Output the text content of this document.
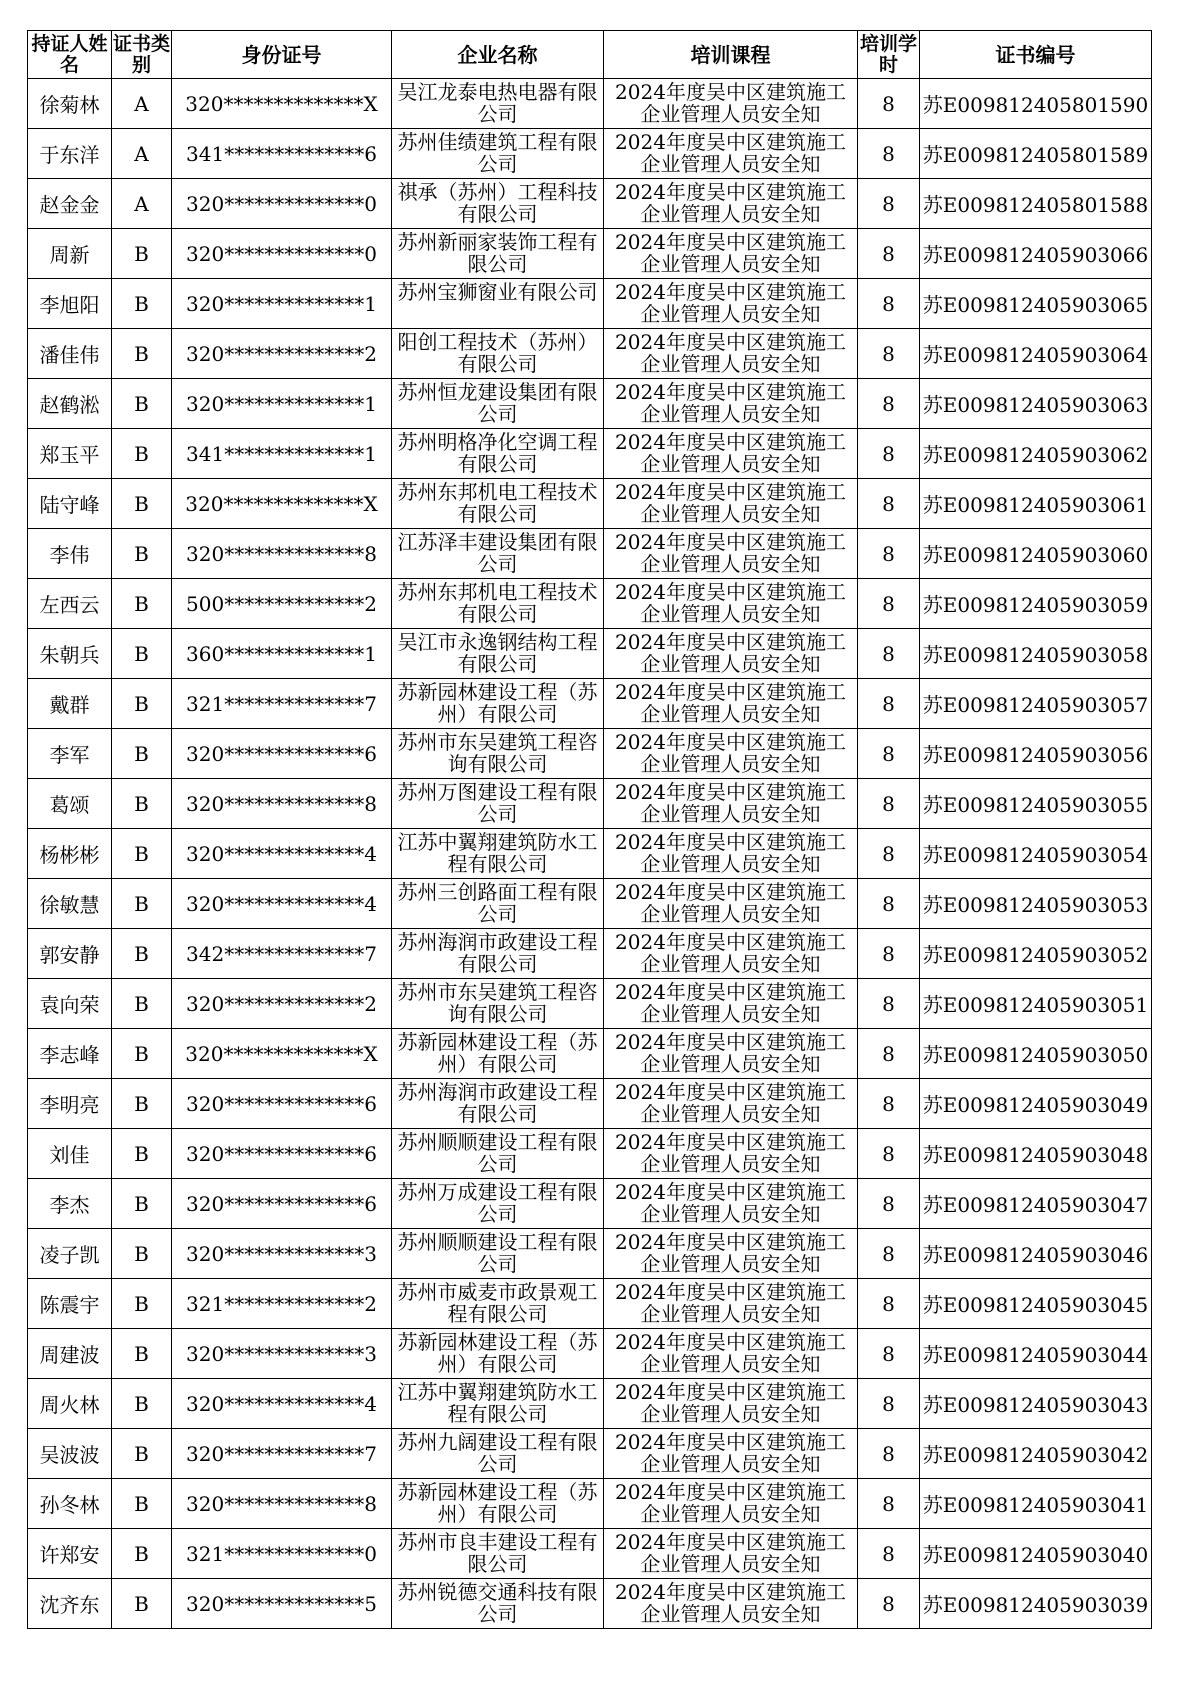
持证人姓名	证书类别	身份证号	企业名称	培训课程	培训学时	证书编号
徐菊林	A	320**************X	吴江龙泰电热电器有限公司	2024年度吴中区建筑施工企业管理人员安全知	8	苏E009812405801590
于东洋	A	341**************6	苏州佳绩建筑工程有限公司	2024年度吴中区建筑施工企业管理人员安全知	8	苏E009812405801589
赵金金	A	320**************0	祺承（苏州）工程科技有限公司	2024年度吴中区建筑施工企业管理人员安全知	8	苏E009812405801588
周新	B	320**************0	苏州新丽家装饰工程有限公司	2024年度吴中区建筑施工企业管理人员安全知	8	苏E009812405903066
李旭阳	B	320**************1	苏州宝狮窗业有限公司	2024年度吴中区建筑施工企业管理人员安全知	8	苏E009812405903065
潘佳伟	B	320**************2	阳创工程技术（苏州）有限公司	2024年度吴中区建筑施工企业管理人员安全知	8	苏E009812405903064
赵鹤淞	B	320**************1	苏州恒龙建设集团有限公司	2024年度吴中区建筑施工企业管理人员安全知	8	苏E009812405903063
郑玉平	B	341**************1	苏州明格净化空调工程有限公司	2024年度吴中区建筑施工企业管理人员安全知	8	苏E009812405903062
陆守峰	B	320**************X	苏州东邦机电工程技术有限公司	2024年度吴中区建筑施工企业管理人员安全知	8	苏E009812405903061
李伟	B	320**************8	江苏泽丰建设集团有限公司	2024年度吴中区建筑施工企业管理人员安全知	8	苏E009812405903060
左西云	B	500**************2	苏州东邦机电工程技术有限公司	2024年度吴中区建筑施工企业管理人员安全知	8	苏E009812405903059
朱朝兵	B	360**************1	吴江市永逸钢结构工程有限公司	2024年度吴中区建筑施工企业管理人员安全知	8	苏E009812405903058
戴群	B	321**************7	苏新园林建设工程（苏州）有限公司	2024年度吴中区建筑施工企业管理人员安全知	8	苏E009812405903057
李军	B	320**************6	苏州市东吴建筑工程咨询有限公司	2024年度吴中区建筑施工企业管理人员安全知	8	苏E009812405903056
葛颂	B	320**************8	苏州万图建设工程有限公司	2024年度吴中区建筑施工企业管理人员安全知	8	苏E009812405903055
杨彬彬	B	320**************4	江苏中翼翔建筑防水工程有限公司	2024年度吴中区建筑施工企业管理人员安全知	8	苏E009812405903054
徐敏慧	B	320**************4	苏州三创路面工程有限公司	2024年度吴中区建筑施工企业管理人员安全知	8	苏E009812405903053
郭安静	B	342**************7	苏州海润市政建设工程有限公司	2024年度吴中区建筑施工企业管理人员安全知	8	苏E009812405903052
袁向荣	B	320**************2	苏州市东吴建筑工程咨询有限公司	2024年度吴中区建筑施工企业管理人员安全知	8	苏E009812405903051
李志峰	B	320**************X	苏新园林建设工程（苏州）有限公司	2024年度吴中区建筑施工企业管理人员安全知	8	苏E009812405903050
李明亮	B	320**************6	苏州海润市政建设工程有限公司	2024年度吴中区建筑施工企业管理人员安全知	8	苏E009812405903049
刘佳	B	320**************6	苏州顺顺建设工程有限公司	2024年度吴中区建筑施工企业管理人员安全知	8	苏E009812405903048
李杰	B	320**************6	苏州万成建设工程有限公司	2024年度吴中区建筑施工企业管理人员安全知	8	苏E009812405903047
凌子凯	B	320**************3	苏州顺顺建设工程有限公司	2024年度吴中区建筑施工企业管理人员安全知	8	苏E009812405903046
陈震宇	B	321**************2	苏州市威麦市政景观工程有限公司	2024年度吴中区建筑施工企业管理人员安全知	8	苏E009812405903045
周建波	B	320**************3	苏新园林建设工程（苏州）有限公司	2024年度吴中区建筑施工企业管理人员安全知	8	苏E009812405903044
周火林	B	320**************4	江苏中翼翔建筑防水工程有限公司	2024年度吴中区建筑施工企业管理人员安全知	8	苏E009812405903043
吴波波	B	320**************7	苏州九阔建设工程有限公司	2024年度吴中区建筑施工企业管理人员安全知	8	苏E009812405903042
孙冬林	B	320**************8	苏新园林建设工程（苏州）有限公司	2024年度吴中区建筑施工企业管理人员安全知	8	苏E009812405903041
许郑安	B	321**************0	苏州市良丰建设工程有限公司	2024年度吴中区建筑施工企业管理人员安全知	8	苏E009812405903040
沈齐东	B	320**************5	苏州锐德交通科技有限公司	2024年度吴中区建筑施工企业管理人员安全知	8	苏E009812405903039
